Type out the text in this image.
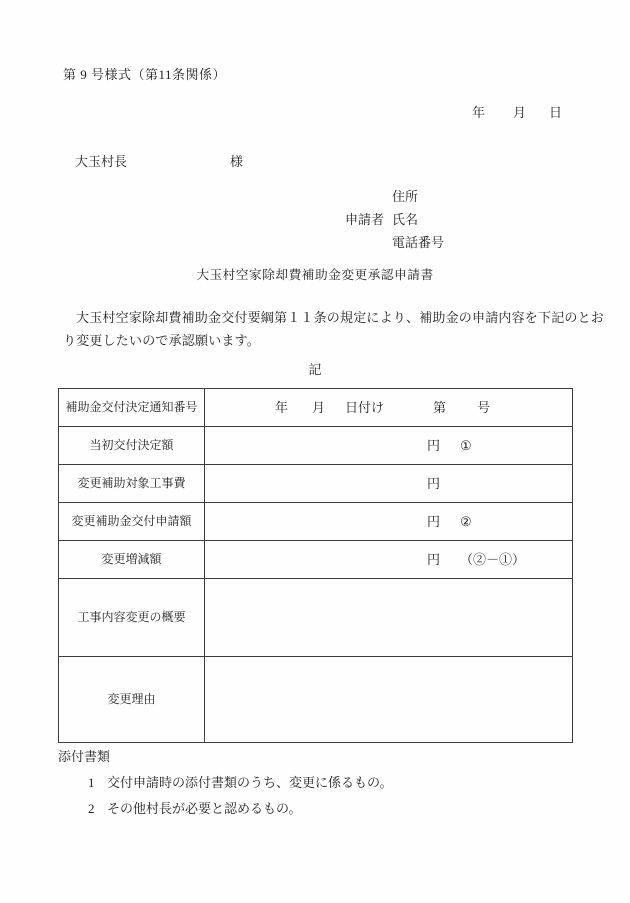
第 9 号様式（第11条関係）
年 月 日
大玉村長	様
住所
申請者 氏名
電話番号
大玉村空家除却費補助金変更承認申請書
大玉村空家除却費補助金交付要綱第１１条の規定により、補助金の申請内容を下記のとお
り変更したいので承認願います。
記
補助金交付決定通知番号	年 月 日付け 第 号
当初交付決定額	円 ①
変更補助対象工事費	円
変更補助金交付申請額	円 ②
変更増減額	円 （②－①）
工事内容変更の概要	
変更理由	
添付書類
1 交付申請時の添付書類のうち、変更に係るもの。
2 その他村長が必要と認めるもの。
